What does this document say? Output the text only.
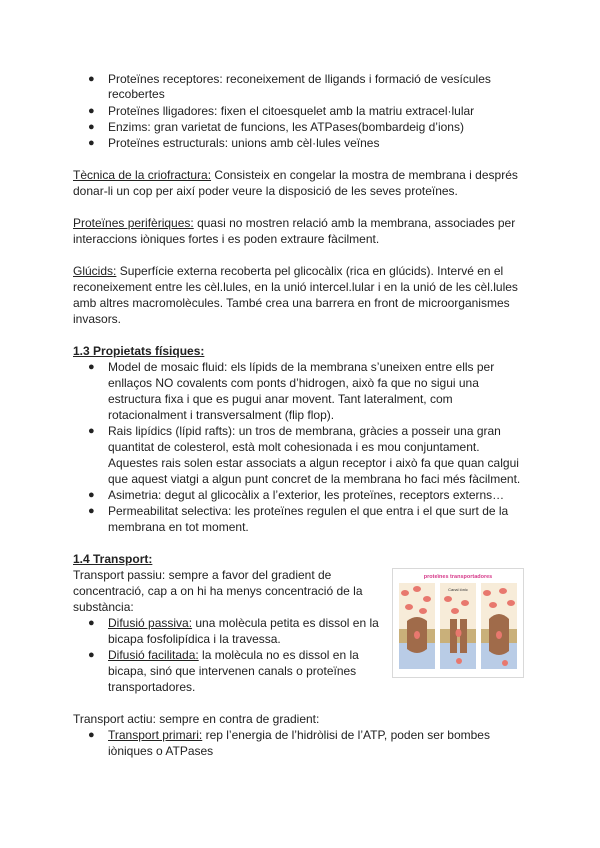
● Proteïnes receptores: reconeixement de lligands i formació de vesícules
recobertes
● Proteïnes lligadores: fixen el citoesquelet amb la matriu extracel·lular
● Enzims: gran varietat de funcions, les ATPases(bombardeig d’ions)
● Proteïnes estructurals: unions amb cèl·lules veïnes
Tècnica de la criofractura: Consisteix en congelar la mostra de membrana i després
donar-li un cop per així poder veure la disposició de les seves proteïnes.
Proteïnes perifèriques: quasi no mostren relació amb la membrana, associades per
interaccions iòniques fortes i es poden extraure fàcilment.
Glúcids: Superfície externa recoberta pel glicocàlix (rica en glúcids). Intervé en el
reconeixement entre les cèl.lules, en la unió intercel.lular i en la unió de les cèl.lules
amb altres macromolècules. També crea una barrera en front de microorganismes
invasors.
1.3 Propietats físiques:
● Model de mosaic fluid: els lípids de la membrana s’uneixen entre ells per
enllaços NO covalents com ponts d’hidrogen, això fa que no sigui una
estructura fixa i que es pugui anar movent. Tant lateralment, com
rotacionalment i transversalment (flip flop).
● Rais lipídics (lípid rafts): un tros de membrana, gràcies a posseir una gran
quantitat de colesterol, està molt cohesionada i es mou conjuntament.
Aquestes rais solen estar associats a algun receptor i això fa que quan calgui
que aquest viatgi a algun punt concret de la membrana ho faci més fàcilment.
● Asimetria: degut al glicocàlix a l’exterior, les proteïnes, receptors externs…
● Permeabilitat selectiva: les proteïnes regulen el que entra i el que surt de la
membrana en tot moment.
1.4 Transport:
Transport passiu: sempre a favor del gradient de
concentració, cap a on hi ha menys concentració de la
substància:
● Difusió passiva: una molècula petita es dissol en la
bicapa fosfolipídica i la travessa.
● Difusió facilitada: la molècula no es dissol en la
bicapa, sinó que intervenen canals o proteïnes
transportadores.
Transport actiu: sempre en contra de gradient:
● Transport primari: rep l’energia de l’hidròlisi de l’ATP, poden ser bombes
iòniques o ATPases
proteïnes transportadores
Canal iònic
